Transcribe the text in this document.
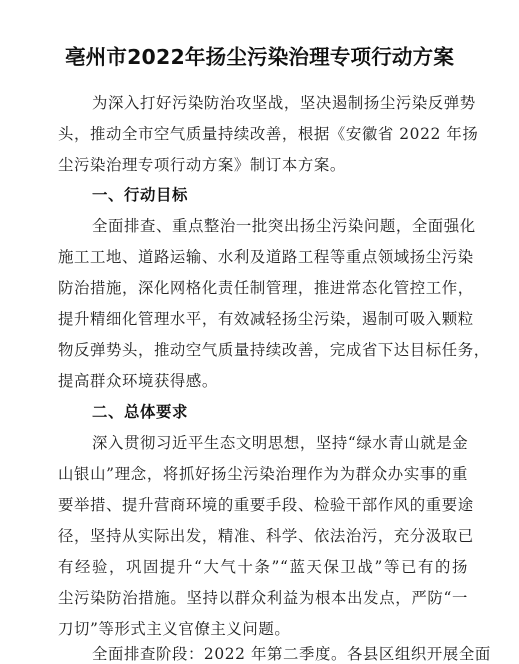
亳州市2022年扬尘污染治理专项行动方案
为深入打好污染防治攻坚战，坚决遏制扬尘污染反弹势
头，推动全市空气质量持续改善，根据《安徽省 2022 年扬
尘污染治理专项行动方案》制订本方案。
一、行动目标
全面排查、重点整治一批突出扬尘污染问题，全面强化
施工工地、道路运输、水利及道路工程等重点领域扬尘污染
防治措施，深化网格化责任制管理，推进常态化管控工作，
提升精细化管理水平，有效减轻扬尘污染，遏制可吸入颗粒
物反弹势头，推动空气质量持续改善，完成省下达目标任务，
提高群众环境获得感。
二、总体要求
深入贯彻习近平生态文明思想，坚持“绿水青山就是金
山银山”理念，将抓好扬尘污染治理作为为群众办实事的重
要举措、提升营商环境的重要手段、检验干部作风的重要途
径，坚持从实际出发，精准、科学、依法治污，充分汲取已
有经验，巩固提升“大气十条”“蓝天保卫战”等已有的扬
尘污染防治措施。坚持以群众利益为根本出发点，严防“一
刀切”等形式主义官僚主义问题。
全面排查阶段：2022 年第二季度。各县区组织开展全面
